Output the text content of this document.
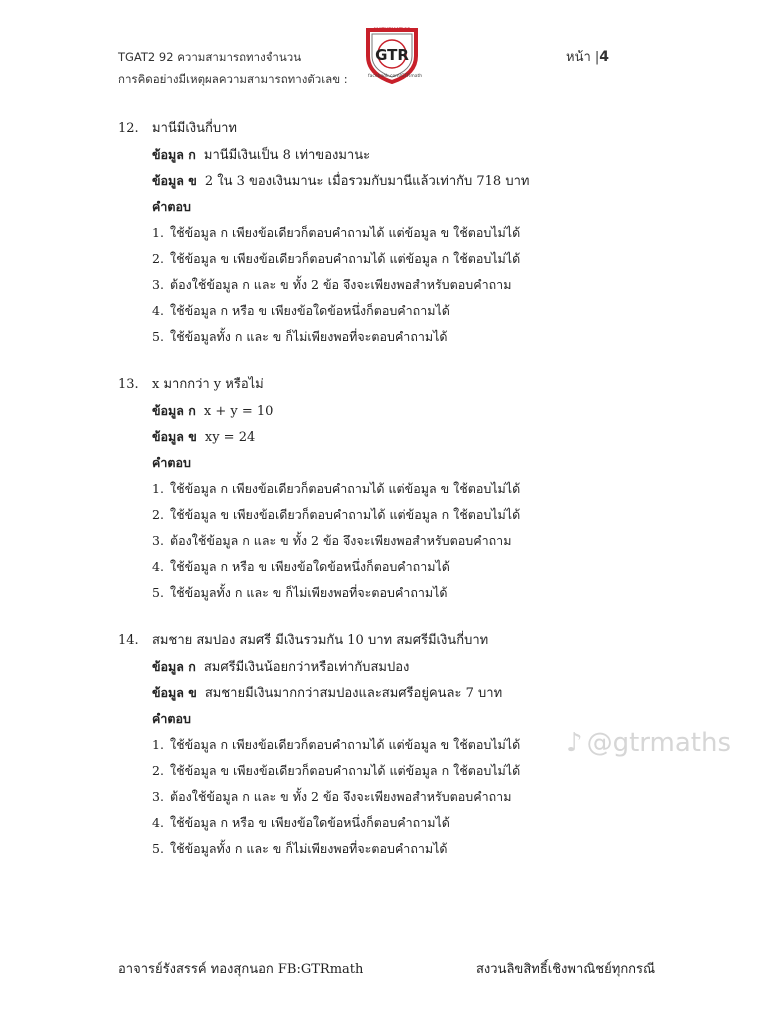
TGAT2 92 ความสามารถทางจำนวน
การคิดอย่างมีเหตุผลความสามารถทางตัวเลข :
MATHEMATICS
GTR
facebook.com/GTRmath
หน้า |4
12. มานีมีเงินกี่บาท
ข้อมูล ก มานีมีเงินเป็น 8 เท่าของมานะ
ข้อมูล ข 2 ใน 3 ของเงินมานะ เมื่อรวมกับมานีแล้วเท่ากับ 718 บาท
คำตอบ
1. ใช้ข้อมูล ก เพียงข้อเดียวก็ตอบคำถามได้ แต่ข้อมูล ข ใช้ตอบไม่ได้
2. ใช้ข้อมูล ข เพียงข้อเดียวก็ตอบคำถามได้ แต่ข้อมูล ก ใช้ตอบไม่ได้
3. ต้องใช้ข้อมูล ก และ ข ทั้ง 2 ข้อ จึงจะเพียงพอสำหรับตอบคำถาม
4. ใช้ข้อมูล ก หรือ ข เพียงข้อใดข้อหนึ่งก็ตอบคำถามได้
5. ใช้ข้อมูลทั้ง ก และ ข ก็ไม่เพียงพอที่จะตอบคำถามได้
13. x มากกว่า y หรือไม่
ข้อมูล ก x + y = 10
ข้อมูล ข xy = 24
คำตอบ
1. ใช้ข้อมูล ก เพียงข้อเดียวก็ตอบคำถามได้ แต่ข้อมูล ข ใช้ตอบไม่ได้
2. ใช้ข้อมูล ข เพียงข้อเดียวก็ตอบคำถามได้ แต่ข้อมูล ก ใช้ตอบไม่ได้
3. ต้องใช้ข้อมูล ก และ ข ทั้ง 2 ข้อ จึงจะเพียงพอสำหรับตอบคำถาม
4. ใช้ข้อมูล ก หรือ ข เพียงข้อใดข้อหนึ่งก็ตอบคำถามได้
5. ใช้ข้อมูลทั้ง ก และ ข ก็ไม่เพียงพอที่จะตอบคำถามได้
14. สมชาย สมปอง สมศรี มีเงินรวมกัน 10 บาท สมศรีมีเงินกี่บาท
ข้อมูล ก สมศรีมีเงินน้อยกว่าหรือเท่ากับสมปอง
ข้อมูล ข สมชายมีเงินมากกว่าสมปองและสมศรีอยู่คนละ 7 บาท
คำตอบ
1. ใช้ข้อมูล ก เพียงข้อเดียวก็ตอบคำถามได้ แต่ข้อมูล ข ใช้ตอบไม่ได้
2. ใช้ข้อมูล ข เพียงข้อเดียวก็ตอบคำถามได้ แต่ข้อมูล ก ใช้ตอบไม่ได้
3. ต้องใช้ข้อมูล ก และ ข ทั้ง 2 ข้อ จึงจะเพียงพอสำหรับตอบคำถาม
4. ใช้ข้อมูล ก หรือ ข เพียงข้อใดข้อหนึ่งก็ตอบคำถามได้
5. ใช้ข้อมูลทั้ง ก และ ข ก็ไม่เพียงพอที่จะตอบคำถามได้
♪ @gtrmaths
อาจารย์รังสรรค์ ทองสุกนอก FB:GTRmath	สงวนลิขสิทธิ์เชิงพาณิชย์ทุกกรณี
